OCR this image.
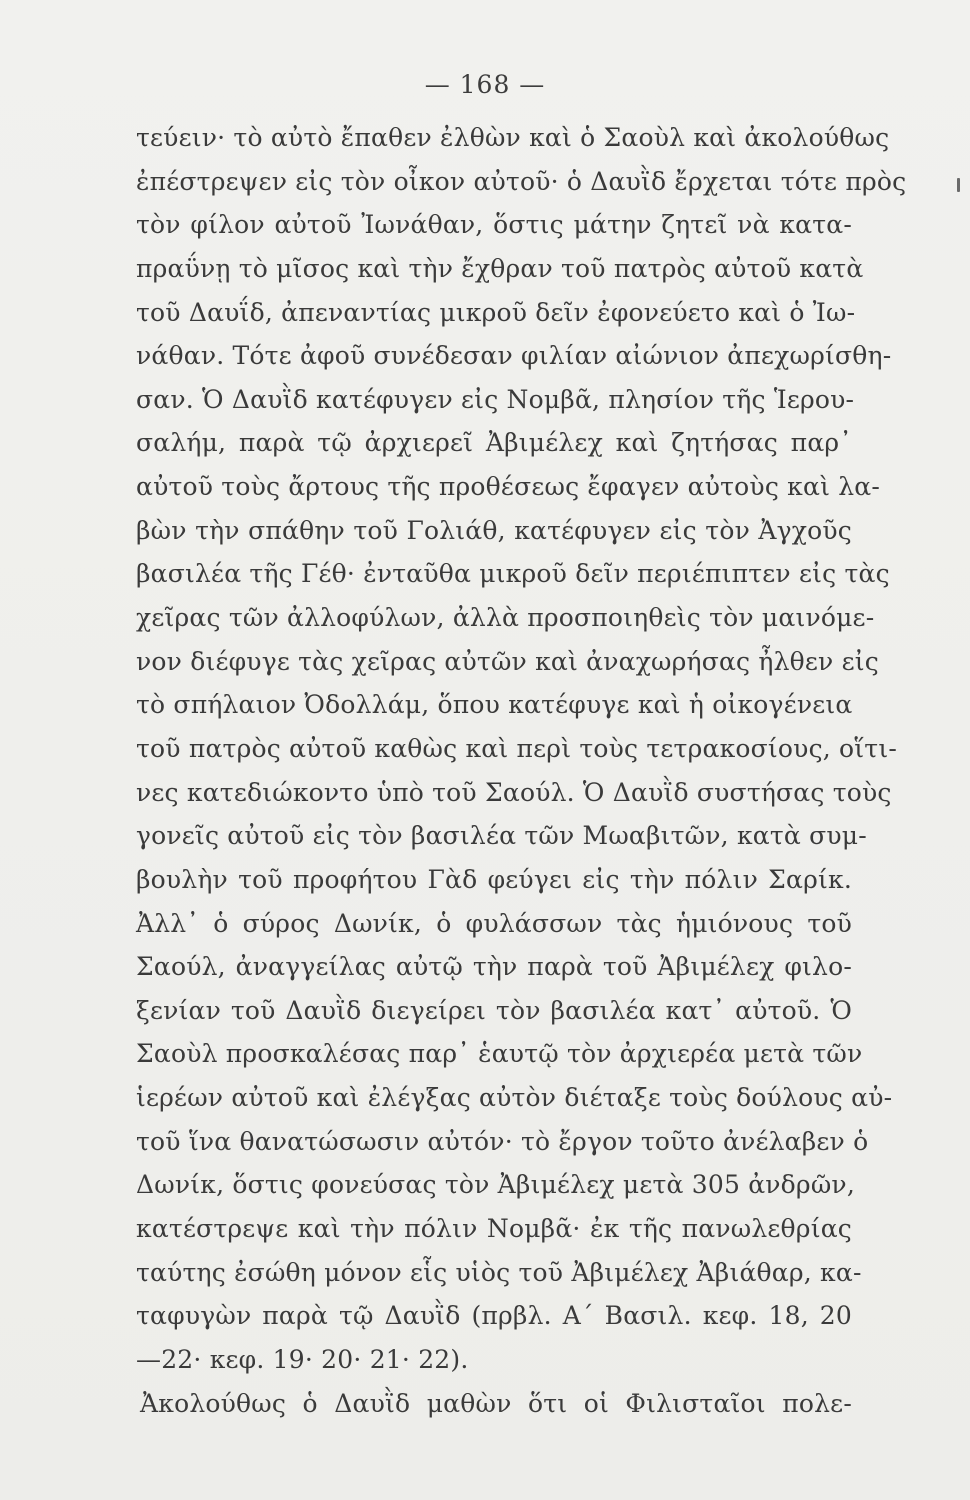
— 168 —
τεύειν· τὸ αὐτὸ ἔπαθεν ἐλθὼν καὶ ὁ Σαοὺλ καὶ ἀκολούθως
ἐπέστρεψεν εἰς τὸν οἶκον αὐτοῦ· ὁ Δαυῒδ ἔρχεται τότε πρὸς
τὸν φίλον αὐτοῦ Ἰωνάθαν, ὅστις μάτην ζητεῖ νὰ κατα-
πραΰνῃ τὸ μῖσος καὶ τὴν ἔχθραν τοῦ πατρὸς αὐτοῦ κατὰ
τοῦ Δαυΐδ, ἀπεναντίας μικροῦ δεῖν ἐφονεύετο καὶ ὁ Ἰω-
νάθαν. Τότε ἀφοῦ συνέδεσαν φιλίαν αἰώνιον ἀπεχωρίσθη-
σαν. Ὁ Δαυῒδ κατέφυγεν εἰς Νομβᾶ, πλησίον τῆς Ἱερου-
σαλήμ, παρὰ τῷ ἀρχιερεῖ Ἀβιμέλεχ καὶ ζητήσας παρ᾽
αὐτοῦ τοὺς ἄρτους τῆς προθέσεως ἔφαγεν αὐτοὺς καὶ λα-
βὼν τὴν σπάθην τοῦ Γολιάθ, κατέφυγεν εἰς τὸν Ἀγχοῦς
βασιλέα τῆς Γέθ· ἐνταῦθα μικροῦ δεῖν περιέπιπτεν εἰς τὰς
χεῖρας τῶν ἀλλοφύλων, ἀλλὰ προσποιηθεὶς τὸν μαινόμε-
νον διέφυγε τὰς χεῖρας αὐτῶν καὶ ἀναχωρήσας ἦλθεν εἰς
τὸ σπήλαιον Ὀδολλάμ, ὅπου κατέφυγε καὶ ἡ οἰκογένεια
τοῦ πατρὸς αὐτοῦ καθὼς καὶ περὶ τοὺς τετρακοσίους, οἵτι-
νες κατεδιώκοντο ὑπὸ τοῦ Σαούλ. Ὁ Δαυῒδ συστήσας τοὺς
γονεῖς αὐτοῦ εἰς τὸν βασιλέα τῶν Μωαβιτῶν, κατὰ συμ-
βουλὴν τοῦ προφήτου Γὰδ φεύγει εἰς τὴν πόλιν Σαρίκ.
Ἀλλ᾽ ὁ σύρος Δωνίκ, ὁ φυλάσσων τὰς ἡμιόνους τοῦ
Σαούλ, ἀναγγείλας αὐτῷ τὴν παρὰ τοῦ Ἀβιμέλεχ φιλο-
ξενίαν τοῦ Δαυῒδ διεγείρει τὸν βασιλέα κατ᾽ αὐτοῦ. Ὁ
Σαοὺλ προσκαλέσας παρ᾽ ἑαυτῷ τὸν ἀρχιερέα μετὰ τῶν
ἱερέων αὐτοῦ καὶ ἐλέγξας αὐτὸν διέταξε τοὺς δούλους αὐ-
τοῦ ἵνα θανατώσωσιν αὐτόν· τὸ ἔργον τοῦτο ἀνέλαβεν ὁ
Δωνίκ, ὅστις φονεύσας τὸν Ἀβιμέλεχ μετὰ 305 ἀνδρῶν,
κατέστρεψε καὶ τὴν πόλιν Νομβᾶ· ἐκ τῆς πανωλεθρίας
ταύτης ἐσώθη μόνον εἷς υἱὸς τοῦ Ἀβιμέλεχ Ἀβιάθαρ, κα-
ταφυγὼν παρὰ τῷ Δαυῒδ (πρβλ. Α´ Βασιλ. κεφ. 18, 20
—22· κεφ. 19· 20· 21· 22).
Ἀκολούθως ὁ Δαυῒδ μαθὼν ὅτι οἱ Φιλισταῖοι πολε-
